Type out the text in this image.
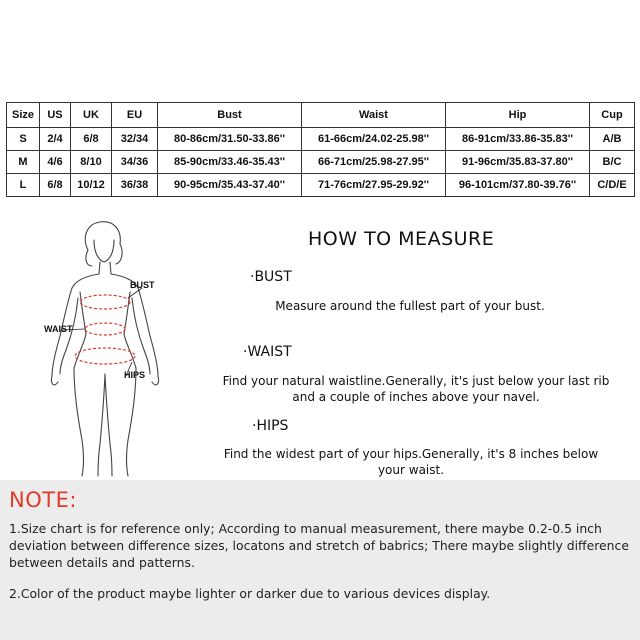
Size	US	UK	EU	Bust	Waist	Hip	Cup
S	2/4	6/8	32/34	80-86cm/31.50-33.86''	61-66cm/24.02-25.98''	86-91cm/33.86-35.83''	A/B
M	4/6	8/10	34/36	85-90cm/33.46-35.43''	66-71cm/25.98-27.95''	91-96cm/35.83-37.80''	B/C
L	6/8	10/12	36/38	90-95cm/35.43-37.40''	71-76cm/27.95-29.92''	96-101cm/37.80-39.76''	C/D/E
BUST
WAIST
HIPS
HOW TO MEASURE
·BUST
Measure around the fullest part of your bust.
·WAIST
Find your natural waistline.Generally, it's just below your last rib
and a couple of inches above your navel.
·HIPS
Find the widest part of your hips.Generally, it's 8 inches below
your waist.
NOTE:
1.Size chart is for reference only; According to manual measurement, there maybe 0.2-0.5 inch
deviation between difference sizes, locatons and stretch of babrics; There maybe slightly difference
between details and patterns.
2.Color of the product maybe lighter or darker due to various devices display.
